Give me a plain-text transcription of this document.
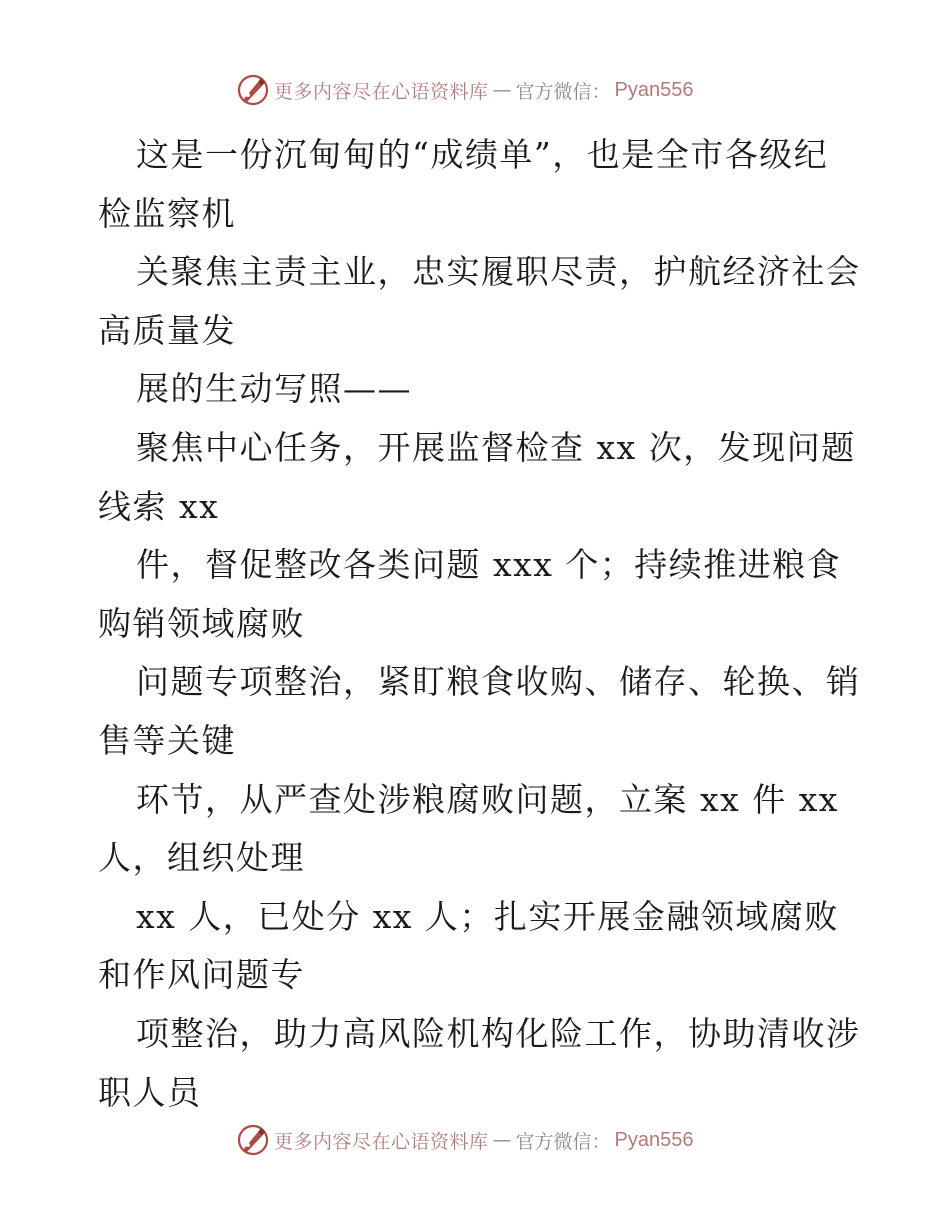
更多内容尽在心语资料库 — 官方微信： Pyan556
这是一份沉甸甸的“成绩单”，也是全市各级纪
检监察机
关聚焦主责主业，忠实履职尽责，护航经济社会
高质量发
展的生动写照——
聚焦中心任务，开展监督检查 xx 次，发现问题
线索 xx
件，督促整改各类问题 xxx 个；持续推进粮食
购销领域腐败
问题专项整治，紧盯粮食收购、储存、轮换、销
售等关键
环节，从严查处涉粮腐败问题，立案 xx 件 xx
人，组织处理
xx 人，已处分 xx 人；扎实开展金融领域腐败
和作风问题专
项整治，助力高风险机构化险工作，协助清收涉
职人员
更多内容尽在心语资料库 — 官方微信： Pyan556
